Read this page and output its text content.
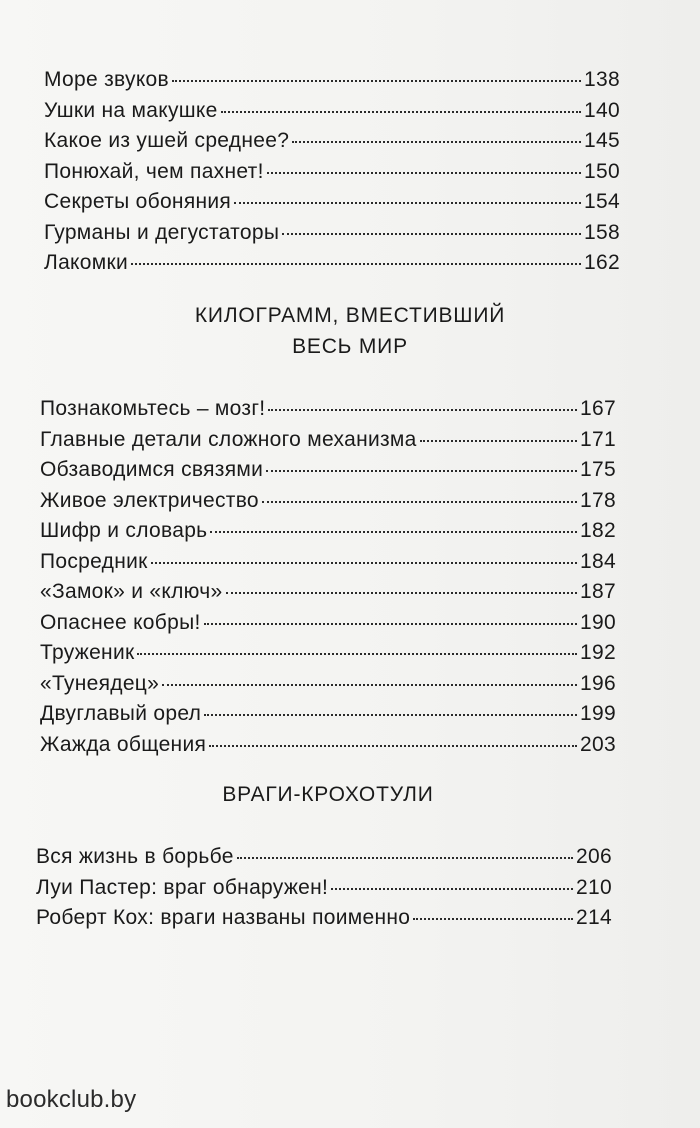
Море звуков	138
Ушки на макушке	140
Какое из ушей среднее?	145
Понюхай, чем пахнет!	150
Секреты обоняния	154
Гурманы и дегустаторы	158
Лакомки	162
КИЛОГРАММ, ВМЕСТИВШИЙ
ВЕСЬ МИР
Познакомьтесь – мозг!	167
Главные детали сложного механизма	171
Обзаводимся связями	175
Живое электричество	178
Шифр и словарь	182
Посредник	184
«Замок» и «ключ»	187
Опаснее кобры!	190
Труженик	192
«Тунеядец»	196
Двуглавый орел	199
Жажда общения	203
ВРАГИ-КРОХОТУЛИ
Вся жизнь в борьбе	206
Луи Пастер: враг обнаружен!	210
Роберт Кох: враги названы поименно	214
bookclub.by
